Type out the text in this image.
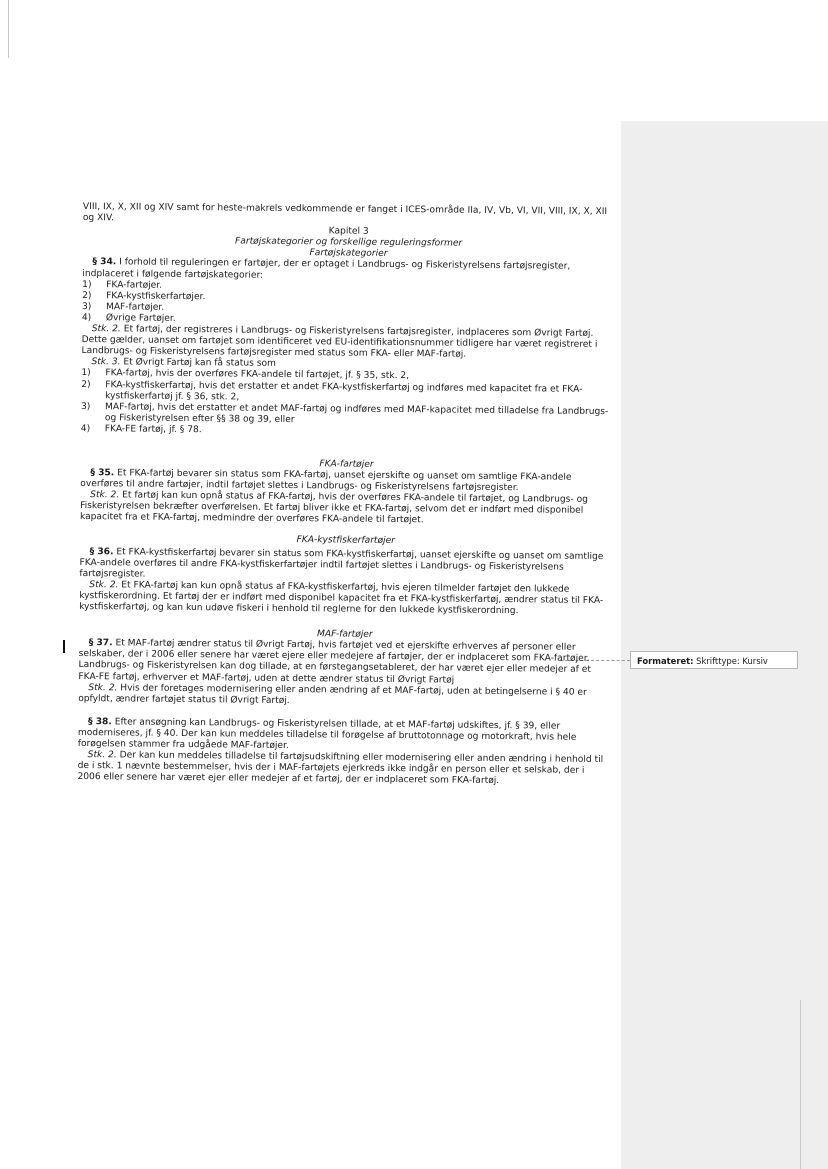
Formateret: Skrifttype: Kursiv

VIII, IX, X, XII og XIV samt for heste-makrels vedkommende er fanget i ICES-område IIa, IV, Vb, VI, VII, VIII, IX, X, XII og XIV.

Kapitel 3

Fartøjskategorier og forskellige reguleringsformer

Fartøjskategorier

§ 34. I forhold til reguleringen er fartøjer, der er optaget i Landbrugs- og Fiskeristyrelsens fartøjsregister, indplaceret i følgende fartøjskategorier:

1)	FKA-fartøjer.
2)	FKA-kystfiskerfartøjer.
3)	MAF-fartøjer.
4)	Øvrige Fartøjer.

Stk. 2. Et fartøj, der registreres i Landbrugs- og Fiskeristyrelsens fartøjsregister, indplaceres som Øvrigt Fartøj. Dette gælder, uanset om fartøjet som identificeret ved EU-identifikationsnummer tidligere har været registreret i Landbrugs- og Fiskeristyrelsens fartøjsregister med status som FKA- eller MAF-fartøj.

Stk. 3. Et Øvrigt Fartøj kan få status som

1)	FKA-fartøj, hvis der overføres FKA-andele til fartøjet, jf. § 35, stk. 2,
2)	FKA-kystfiskerfartøj, hvis det erstatter et andet FKA-kystfiskerfartøj og indføres med kapacitet fra et FKA-kystfiskerfartøj jf. § 36, stk. 2,
3)	MAF-fartøj, hvis det erstatter et andet MAF-fartøj og indføres med MAF-kapacitet med tilladelse fra Landbrugs- og Fiskeristyrelsen efter §§ 38 og 39, eller
4)	FKA-FE fartøj, jf. § 78.

FKA-fartøjer

§ 35. Et FKA-fartøj bevarer sin status som FKA-fartøj, uanset ejerskifte og uanset om samtlige FKA-andele overføres til andre fartøjer, indtil fartøjet slettes i Landbrugs- og Fiskeristyrelsens fartøjsregister.

Stk. 2. Et fartøj kan kun opnå status af FKA-fartøj, hvis der overføres FKA-andele til fartøjet, og Landbrugs- og Fiskeristyrelsen bekræfter overførelsen. Et fartøj bliver ikke et FKA-fartøj, selvom det er indført med disponibel kapacitet fra et FKA-fartøj, medmindre der overføres FKA-andele til fartøjet.

FKA-kystfiskerfartøjer

§ 36. Et FKA-kystfiskerfartøj bevarer sin status som FKA-kystfiskerfartøj, uanset ejerskifte og uanset om samtlige FKA-andele overføres til andre FKA-kystfiskerfartøjer indtil fartøjet slettes i Landbrugs- og Fiskeristyrelsens fartøjsregister.

Stk. 2. Et FKA-fartøj kan kun opnå status af FKA-kystfiskerfartøj, hvis ejeren tilmelder fartøjet den lukkede kystfiskerordning. Et fartøj der er indført med disponibel kapacitet fra et FKA-kystfiskerfartøj, ændrer status til FKA-kystfiskerfartøj, og kan kun udøve fiskeri i henhold til reglerne for den lukkede kystfiskerordning.

MAF-fartøjer

§ 37. Et MAF-fartøj ændrer status til Øvrigt Fartøj, hvis fartøjet ved et ejerskifte erhverves af personer eller selskaber, der i 2006 eller senere har været ejere eller medejere af fartøjer, der er indplaceret som FKA-fartøjer. Landbrugs- og Fiskeristyrelsen kan dog tillade, at en førstegangsetableret, der har været ejer eller medejer af et FKA-FE fartøj, erhverver et MAF-fartøj, uden at dette ændrer status til Øvrigt Fartøj

Stk. 2. Hvis der foretages modernisering eller anden ændring af et MAF-fartøj, uden at betingelserne i § 40 er opfyldt, ændrer fartøjet status til Øvrigt Fartøj.

§ 38. Efter ansøgning kan Landbrugs- og Fiskeristyrelsen tillade, at et MAF-fartøj udskiftes, jf. § 39, eller moderniseres, jf. § 40. Der kan kun meddeles tilladelse til forøgelse af bruttotonnage og motorkraft, hvis hele forøgelsen stammer fra udgåede MAF-fartøjer.

Stk. 2. Der kan kun meddeles tilladelse til fartøjsudskiftning eller modernisering eller anden ændring i henhold til de i stk. 1 nævnte bestemmelser, hvis der i MAF-fartøjets ejerkreds ikke indgår en person eller et selskab, der i 2006 eller senere har været ejer eller medejer af et fartøj, der er indplaceret som FKA-fartøj.
